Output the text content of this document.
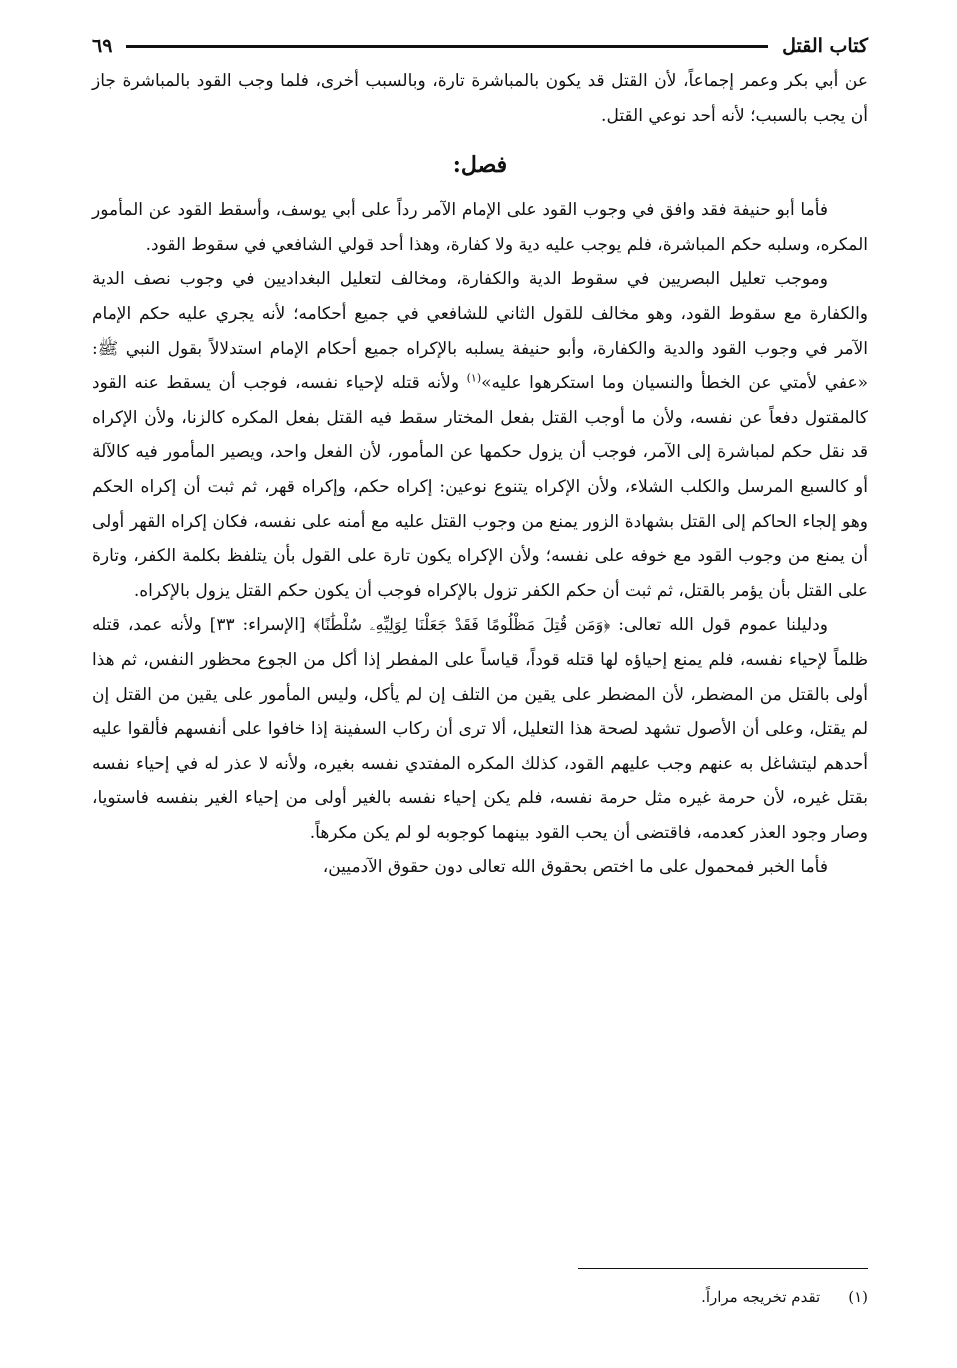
كتاب القتل
٦٩

عن أبي بكر وعمر إجماعاً، لأن القتل قد يكون بالمباشرة تارة، وبالسبب أخرى، فلما وجب القود بالمباشرة جاز أن يجب بالسبب؛ لأنه أحد نوعي القتل.

فصل:

فأما أبو حنيفة فقد وافق في وجوب القود على الإمام الآمر رداً على أبي يوسف، وأسقط القود عن المأمور المكره، وسلبه حكم المباشرة، فلم يوجب عليه دية ولا كفارة، وهذا أحد قولي الشافعي في سقوط القود.

وموجب تعليل البصريين في سقوط الدية والكفارة، ومخالف لتعليل البغداديين في وجوب نصف الدية والكفارة مع سقوط القود، وهو مخالف للقول الثاني للشافعي في جميع أحكامه؛ لأنه يجري عليه حكم الإمام الآمر في وجوب القود والدية والكفارة، وأبو حنيفة يسلبه بالإكراه جميع أحكام الإمام استدلالاً بقول النبي ﷺ: «عفي لأمتي عن الخطأ والنسيان وما استكرهوا عليه»$^{(١)}$ ولأنه قتله لإحياء نفسه، فوجب أن يسقط عنه القود كالمقتول دفعاً عن نفسه، ولأن ما أوجب القتل بفعل المختار سقط فيه القتل بفعل المكره كالزنا، ولأن الإكراه قد نقل حكم لمباشرة إلى الآمر، فوجب أن يزول حكمها عن المأمور، لأن الفعل واحد، ويصير المأمور فيه كالآلة أو كالسبع المرسل والكلب الشلاء، ولأن الإكراه يتنوع نوعين: إكراه حكم، وإكراه قهر، ثم ثبت أن إكراه الحكم وهو إلجاء الحاكم إلى القتل بشهادة الزور يمنع من وجوب القتل عليه مع أمنه على نفسه، فكان إكراه القهر أولى أن يمنع من وجوب القود مع خوفه على نفسه؛ ولأن الإكراه يكون تارة على القول بأن يتلفظ بكلمة الكفر، وتارة على القتل بأن يؤمر بالقتل، ثم ثبت أن حكم الكفر تزول بالإكراه فوجب أن يكون حكم القتل يزول بالإكراه.

ودليلنا عموم قول الله تعالى: ﴿وَمَن قُتِلَ مَظْلُومًا فَقَدْ جَعَلْنَا لِوَلِيِّهِۦ سُلْطَٰنًا﴾ [الإسراء: ٣٣] ولأنه عمد، قتله ظلماً لإحياء نفسه، فلم يمنع إحياؤه لها قتله قوداً، قياساً على المفطر إذا أكل من الجوع محظور النفس، ثم هذا أولى بالقتل من المضطر، لأن المضطر على يقين من التلف إن لم يأكل، وليس المأمور على يقين من القتل إن لم يقتل، وعلى أن الأصول تشهد لصحة هذا التعليل، ألا ترى أن ركاب السفينة إذا خافوا على أنفسهم فألقوا عليه أحدهم ليتشاغل به عنهم وجب عليهم القود، كذلك المكره المفتدي نفسه بغيره، ولأنه لا عذر له في إحياء نفسه بقتل غيره، لأن حرمة غيره مثل حرمة نفسه، فلم يكن إحياء نفسه بالغير أولى من إحياء الغير بنفسه فاستويا، وصار وجود العذر كعدمه، فاقتضى أن يحب القود بينهما كوجوبه لو لم يكن مكرهاً.

فأما الخبر فمحمول على ما اختص بحقوق الله تعالى دون حقوق الآدميين،

(١)
تقدم تخريجه مراراً.
